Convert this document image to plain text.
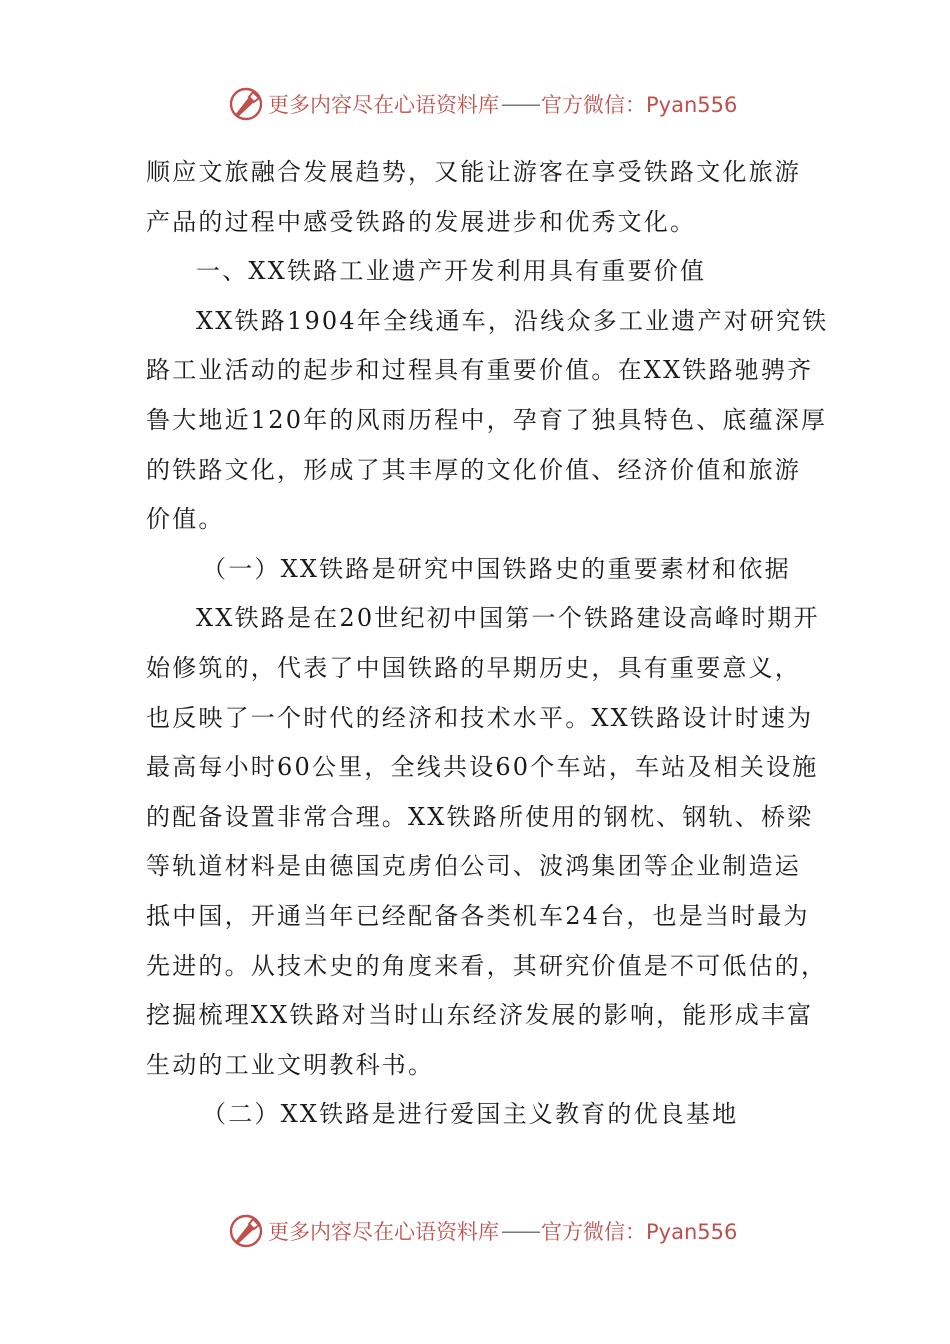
更多内容尽在心语资料库 —— 官方微信：Pyan556
顺应文旅融合发展趋势，又能让游客在享受铁路文化旅游
产品的过程中感受铁路的发展进步和优秀文化。
一、XX铁路工业遗产开发利用具有重要价值
XX铁路1904年全线通车，沿线众多工业遗产对研究铁
路工业活动的起步和过程具有重要价值。在XX铁路驰骋齐
鲁大地近120年的风雨历程中，孕育了独具特色、底蕴深厚
的铁路文化，形成了其丰厚的文化价值、经济价值和旅游
价值。
（一）XX铁路是研究中国铁路史的重要素材和依据
XX铁路是在20世纪初中国第一个铁路建设高峰时期开
始修筑的，代表了中国铁路的早期历史，具有重要意义，
也反映了一个时代的经济和技术水平。XX铁路设计时速为
最高每小时60公里，全线共设60个车站，车站及相关设施
的配备设置非常合理。XX铁路所使用的钢枕、钢轨、桥梁
等轨道材料是由德国克虏伯公司、波鸿集团等企业制造运
抵中国，开通当年已经配备各类机车24台，也是当时最为
先进的。从技术史的角度来看，其研究价值是不可低估的，
挖掘梳理XX铁路对当时山东经济发展的影响，能形成丰富
生动的工业文明教科书。
（二）XX铁路是进行爱国主义教育的优良基地
更多内容尽在心语资料库 —— 官方微信：Pyan556
